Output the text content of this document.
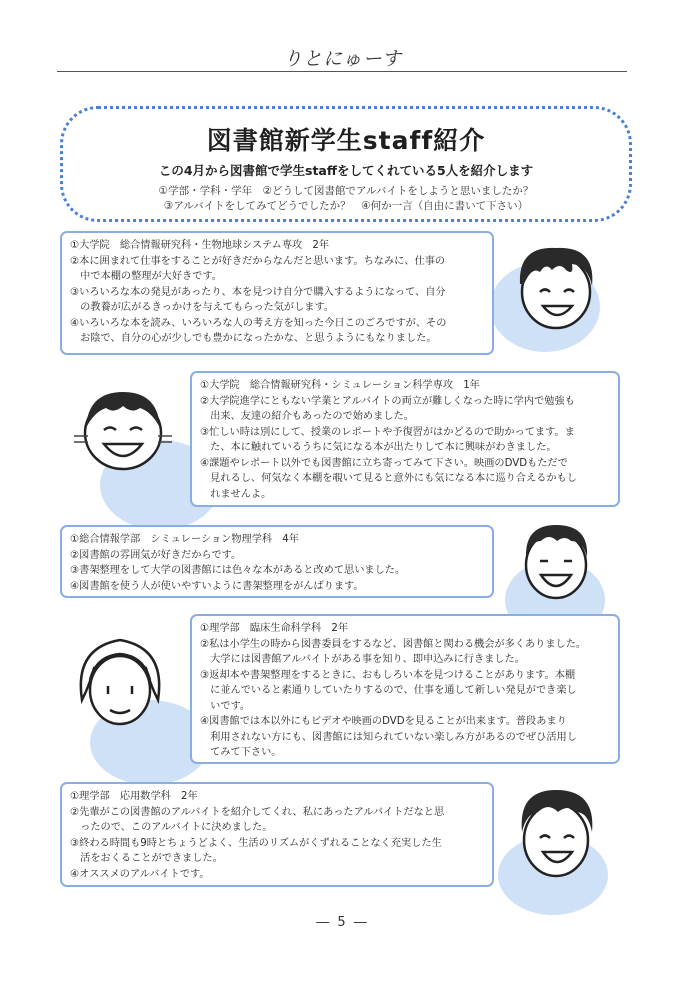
りとにゅーす
図書館新学生staff紹介
この4月から図書館で学生staffをしてくれている5人を紹介します
①学部・学科・学年　②どうして図書館でアルバイトをしようと思いましたか？
③アルバイトをしてみてどうでしたか？　④何か一言（自由に書いて下さい）
①大学院　総合情報研究科・生物地球システム専攻　2年
②本に囲まれて仕事をすることが好きだからなんだと思います。ちなみに、仕事の
　中で本棚の整理が大好きです。
③いろいろな本の発見があったり、本を見つけ自分で購入するようになって、自分
　の教養が広がるきっかけを与えてもらった気がします。
④いろいろな本を読み、いろいろな人の考え方を知った今日このごろですが、その
　お陰で、自分の心が少しでも豊かになったかな、と思うようにもなりました。
①大学院　総合情報研究科・シミュレーション科学専攻　1年
②大学院進学にともない学業とアルバイトの両立が難しくなった時に学内で勉強も
　出来、友達の紹介もあったので始めました。
③忙しい時は別にして、授業のレポートや予復習がはかどるので助かってます。ま
　た、本に触れているうちに気になる本が出たりして本に興味がわきました。
④課題やレポート以外でも図書館に立ち寄ってみて下さい。映画のDVDもただで
　見れるし、何気なく本棚を覗いて見ると意外にも気になる本に巡り合えるかもし
　れませんよ。
①総合情報学部　シミュレーション物理学科　4年
②図書館の雰囲気が好きだからです。
③書架整理をして大学の図書館には色々な本があると改めて思いました。
④図書館を使う人が使いやすいように書架整理をがんばります。
①理学部　臨床生命科学科　2年
②私は小学生の時から図書委員をするなど、図書館と関わる機会が多くありました。
　大学には図書館アルバイトがある事を知り、即申込みに行きました。
③返却本や書架整理をするときに、おもしろい本を見つけることがあります。本棚
　に並んでいると素通りしていたりするので、仕事を通して新しい発見ができ楽し
　いです。
④図書館では本以外にもビデオや映画のDVDを見ることが出来ます。普段あまり
　利用されない方にも、図書館には知られていない楽しみ方があるのでぜひ活用し
　てみて下さい。
①理学部　応用数学科　2年
②先輩がこの図書館のアルバイトを紹介してくれ、私にあったアルバイトだなと思
　ったので、このアルバイトに決めました。
③終わる時間も9時とちょうどよく、生活のリズムがくずれることなく充実した生
　活をおくることができました。
④オススメのアルバイトです。
― 5 ―
